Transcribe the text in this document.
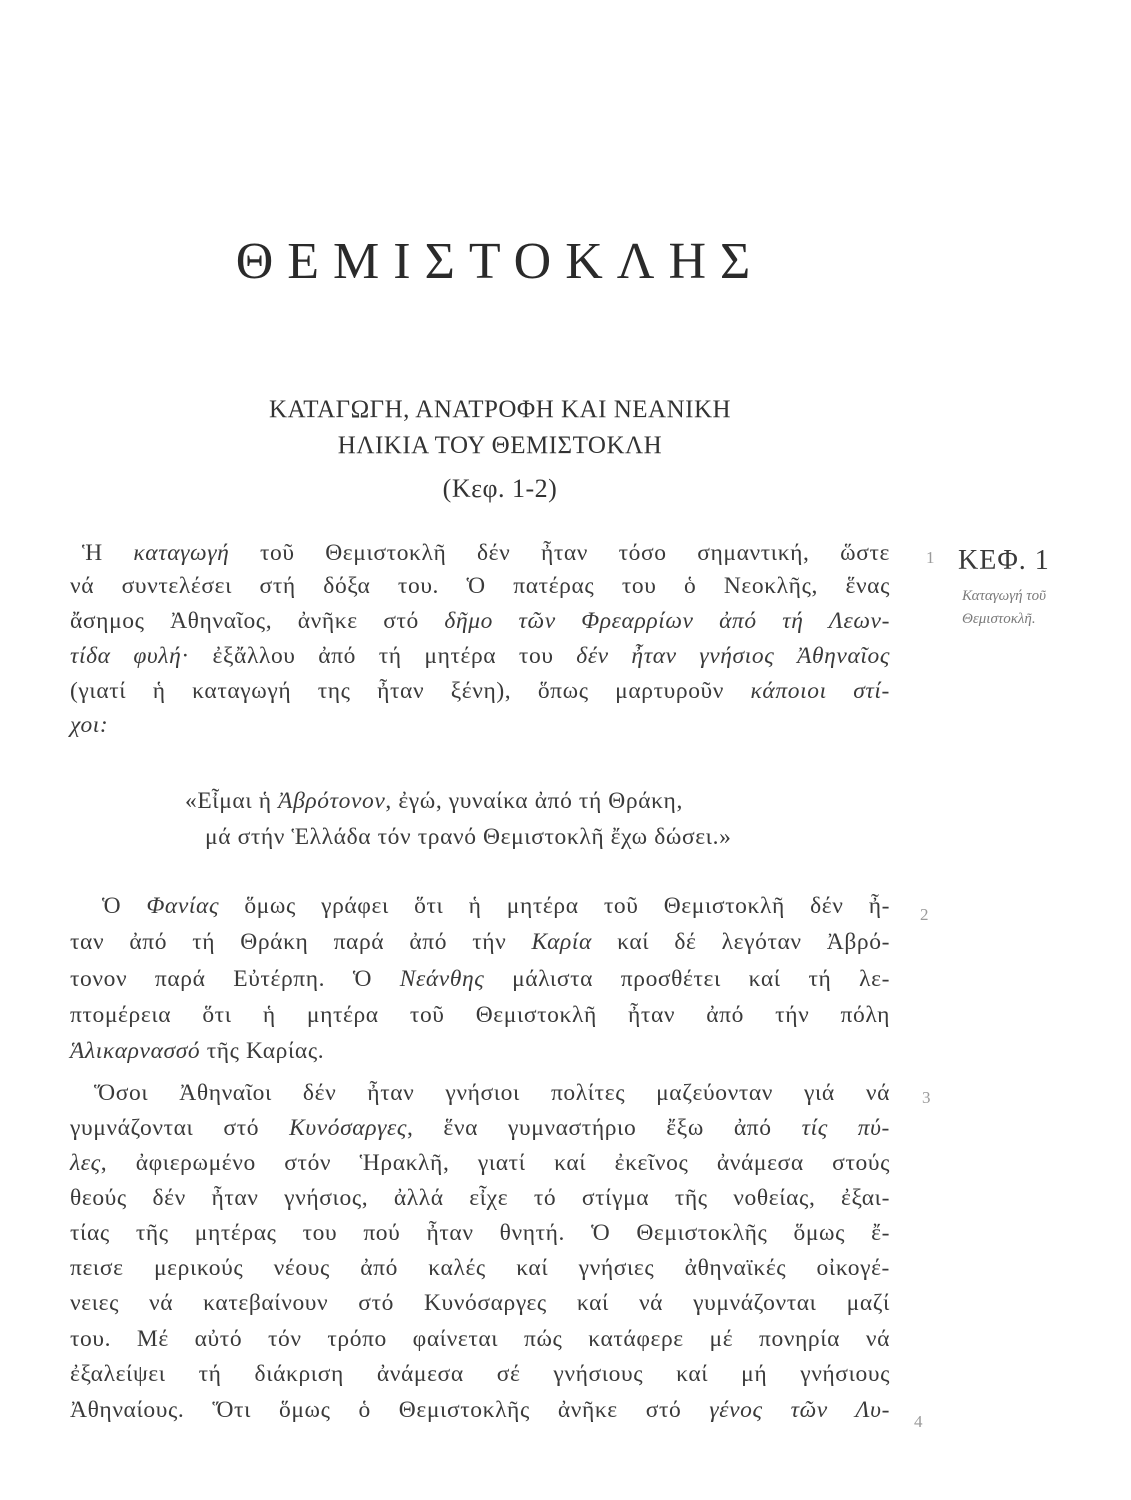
ΘΕΜΙΣΤΟΚΛΗΣ
ΚΑΤΑΓΩΓΗ, ΑΝΑΤΡΟΦΗ ΚΑΙ ΝΕΑΝΙΚΗ
ΗΛΙΚΙΑ ΤΟΥ ΘΕΜΙΣΤΟΚΛΗ
(Κεφ. 1-2)
Ἡ καταγωγή τοῦ Θεμιστοκλῆ δέν ἦταν τόσο σημαντική, ὥστε
νά συντελέσει στή δόξα του. Ὁ πατέρας του ὁ Νεοκλῆς, ἕνας
ἄσημος Ἀθηναῖος, ἀνῆκε στό δῆμο τῶν Φρεαρρίων ἀπό τή Λεων-
τίδα φυλή· ἐξἄλλου ἀπό τή μητέρα του δέν ἦταν γνήσιος Ἀθηναῖος
(γιατί ἡ καταγωγή της ἦταν ξένη), ὅπως μαρτυροῦν κάποιοι στί-
χοι:
«Εἶμαι ἡ Ἀβρότονον, ἐγώ, γυναίκα ἀπό τή Θράκη,
μά στήν Ἑλλάδα τόν τρανό Θεμιστοκλῆ ἔχω δώσει.»
Ὁ Φανίας ὅμως γράφει ὅτι ἡ μητέρα τοῦ Θεμιστοκλῆ δέν ἦ-
ταν ἀπό τή Θράκη παρά ἀπό τήν Καρία καί δέ λεγόταν Ἀβρό-
τονον παρά Εὐτέρπη. Ὁ Νεάνθης μάλιστα προσθέτει καί τή λε-
πτομέρεια ὅτι ἡ μητέρα τοῦ Θεμιστοκλῆ ἦταν ἀπό τήν πόλη
Ἁλικαρνασσό τῆς Καρίας.
Ὅσοι Ἀθηναῖοι δέν ἦταν γνήσιοι πολίτες μαζεύονταν γιά νά
γυμνάζονται στό Κυνόσαργες, ἕνα γυμναστήριο ἔξω ἀπό τίς πύ-
λες, ἀφιερωμένο στόν Ἡρακλῆ, γιατί καί ἐκεῖνος ἀνάμεσα στούς
θεούς δέν ἦταν γνήσιος, ἀλλά εἶχε τό στίγμα τῆς νοθείας, ἐξαι-
τίας τῆς μητέρας του πού ἦταν θνητή. Ὁ Θεμιστοκλῆς ὅμως ἔ-
πεισε μερικούς νέους ἀπό καλές καί γνήσιες ἀθηναϊκές οἰκογέ-
νειες νά κατεβαίνουν στό Κυνόσαργες καί νά γυμνάζονται μαζί
του. Μέ αὐτό τόν τρόπο φαίνεται πώς κατάφερε μέ πονηρία νά
ἐξαλείψει τή διάκριση ἀνάμεσα σέ γνήσιους καί μή γνήσιους
Ἀθηναίους. Ὅτι ὅμως ὁ Θεμιστοκλῆς ἀνῆκε στό γένος τῶν Λυ-
1 ΚΕΦ. 1
Καταγωγή τοῦ
Θεμιστοκλῆ.
2
3
4
